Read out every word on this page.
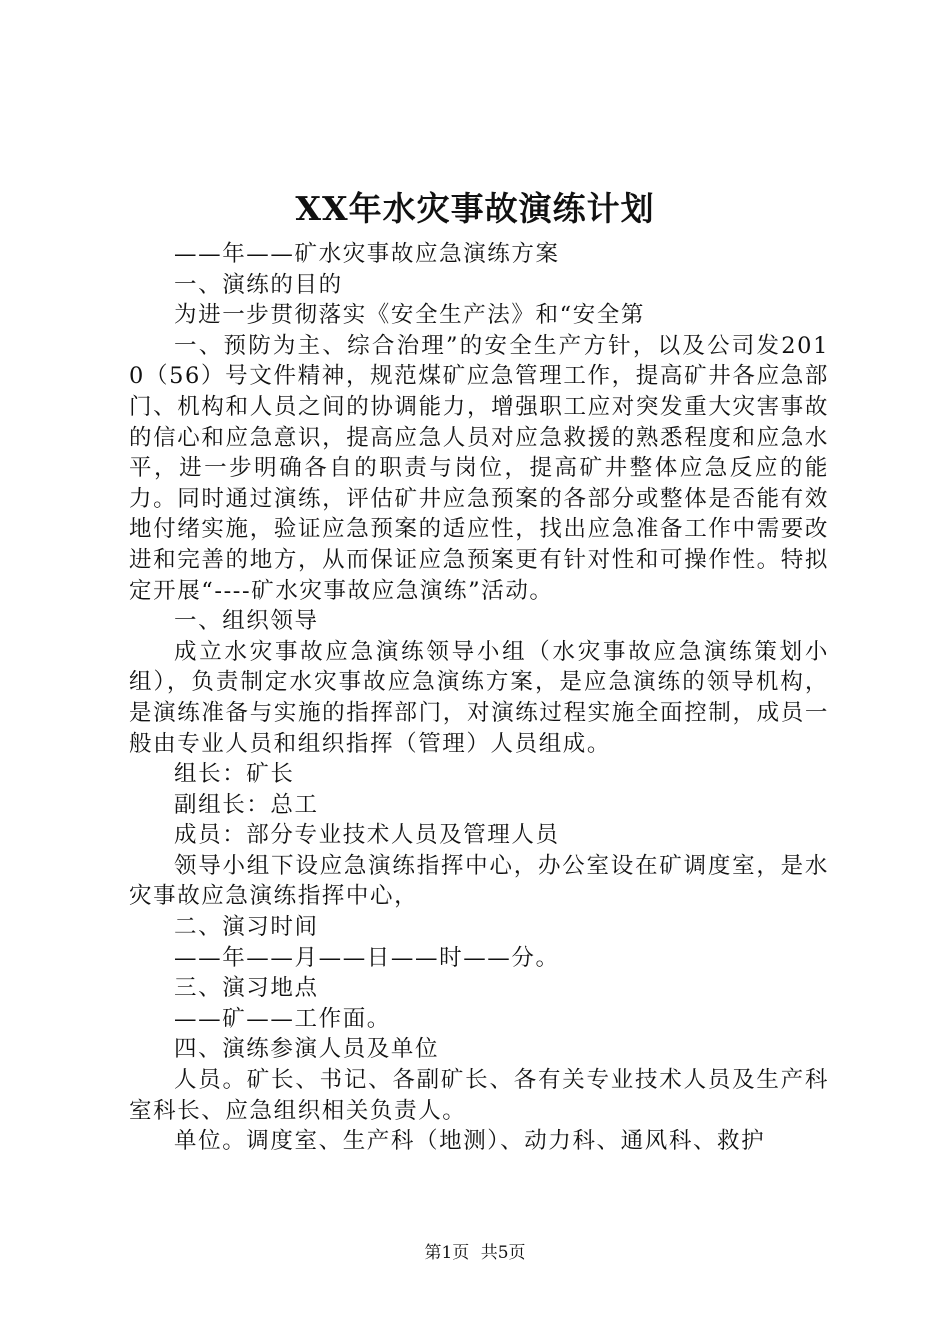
XX年水灾事故演练计划

——年——矿水灾事故应急演练方案

一、演练的目的

为进一步贯彻落实《安全生产法》和“安全第

一、预防为主、综合治理”的安全生产方针，以及公司发2010（56）号文件精神，规范煤矿应急管理工作，提高矿井各应急部门、机构和人员之间的协调能力，增强职工应对突发重大灾害事故的信心和应急意识，提高应急人员对应急救援的熟悉程度和应急水平，进一步明确各自的职责与岗位，提高矿井整体应急反应的能力。同时通过演练，评估矿井应急预案的各部分或整体是否能有效地付绪实施，验证应急预案的适应性，找出应急准备工作中需要改进和完善的地方，从而保证应急预案更有针对性和可操作性。特拟定开展“----矿水灾事故应急演练”活动。

一、组织领导

成立水灾事故应急演练领导小组（水灾事故应急演练策划小组），负责制定水灾事故应急演练方案，是应急演练的领导机构，是演练准备与实施的指挥部门，对演练过程实施全面控制，成员一般由专业人员和组织指挥（管理）人员组成。

组长：矿长

副组长：总工

成员：部分专业技术人员及管理人员

领导小组下设应急演练指挥中心，办公室设在矿调度室，是水灾事故应急演练指挥中心，

二、演习时间

——年——月——日——时——分。

三、演习地点

——矿——工作面。

四、演练参演人员及单位

人员。矿长、书记、各副矿长、各有关专业技术人员及生产科室科长、应急组织相关负责人。

单位。调度室、生产科（地测）、动力科、通风科、救护

第1页 共5页
